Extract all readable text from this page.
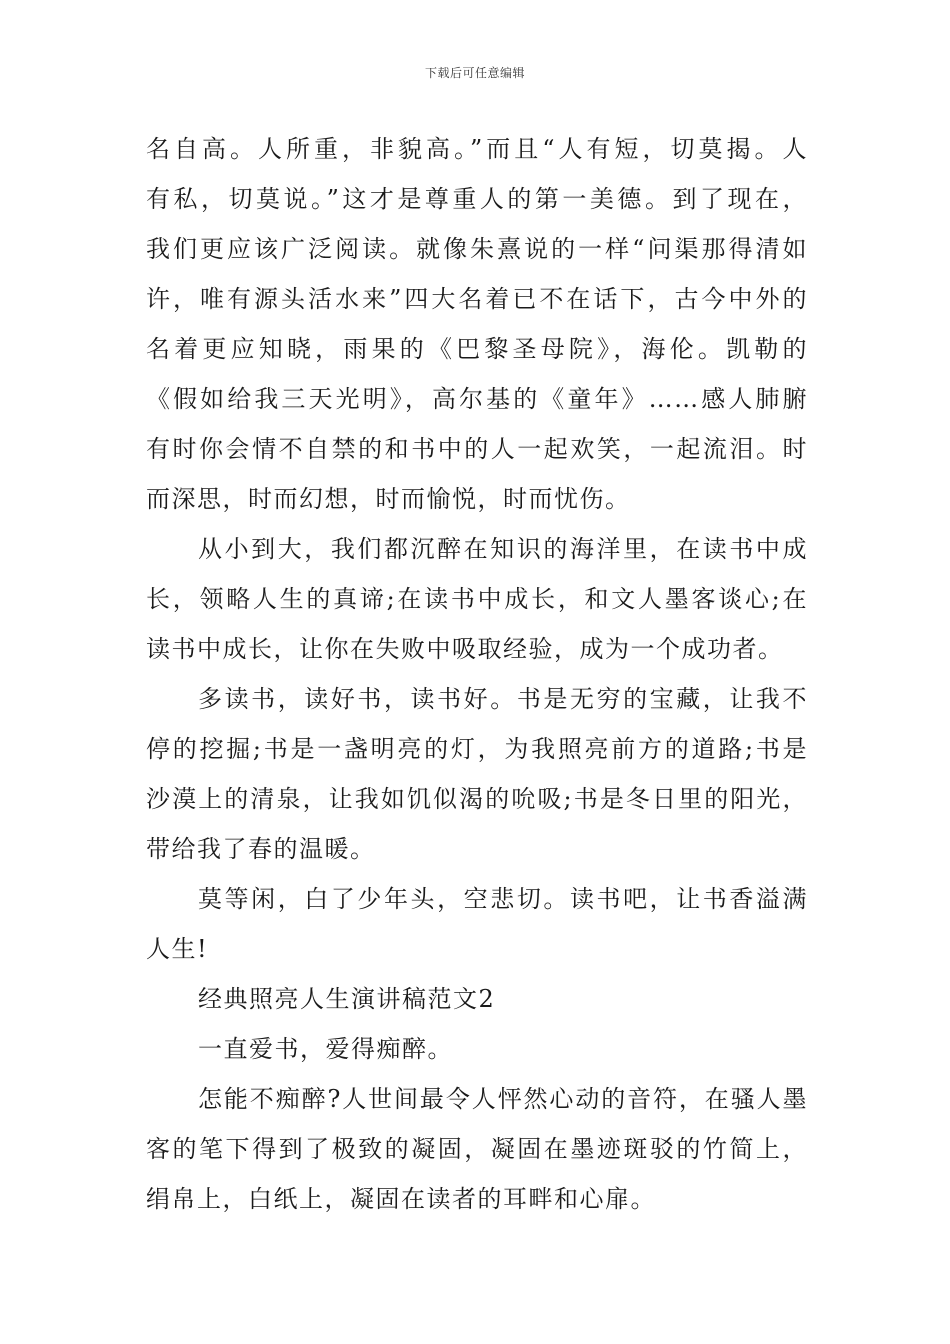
下载后可任意编辑
名自高。人所重，非貌高。”而且“人有短，切莫揭。人
有私，切莫说。”这才是尊重人的第一美德。到了现在，
我们更应该广泛阅读。就像朱熹说的一样“问渠那得清如
许，唯有源头活水来”四大名着已不在话下，古今中外的
名着更应知晓，雨果的《巴黎圣母院》，海伦。凯勒的
《假如给我三天光明》，高尔基的《童年》……感人肺腑
有时你会情不自禁的和书中的人一起欢笑，一起流泪。时
而深思，时而幻想，时而愉悦，时而忧伤。
从小到大，我们都沉醉在知识的海洋里，在读书中成
长，领略人生的真谛;在读书中成长，和文人墨客谈心;在
读书中成长，让你在失败中吸取经验，成为一个成功者。
多读书，读好书，读书好。书是无穷的宝藏，让我不
停的挖掘;书是一盏明亮的灯，为我照亮前方的道路;书是
沙漠上的清泉，让我如饥似渴的吮吸;书是冬日里的阳光，
带给我了春的温暖。
莫等闲，白了少年头，空悲切。读书吧，让书香溢满
人生!
经典照亮人生演讲稿范文2
一直爱书，爱得痴醉。
怎能不痴醉?人世间最令人怦然心动的音符，在骚人墨
客的笔下得到了极致的凝固，凝固在墨迹斑驳的竹简上，
绢帛上，白纸上，凝固在读者的耳畔和心扉。
